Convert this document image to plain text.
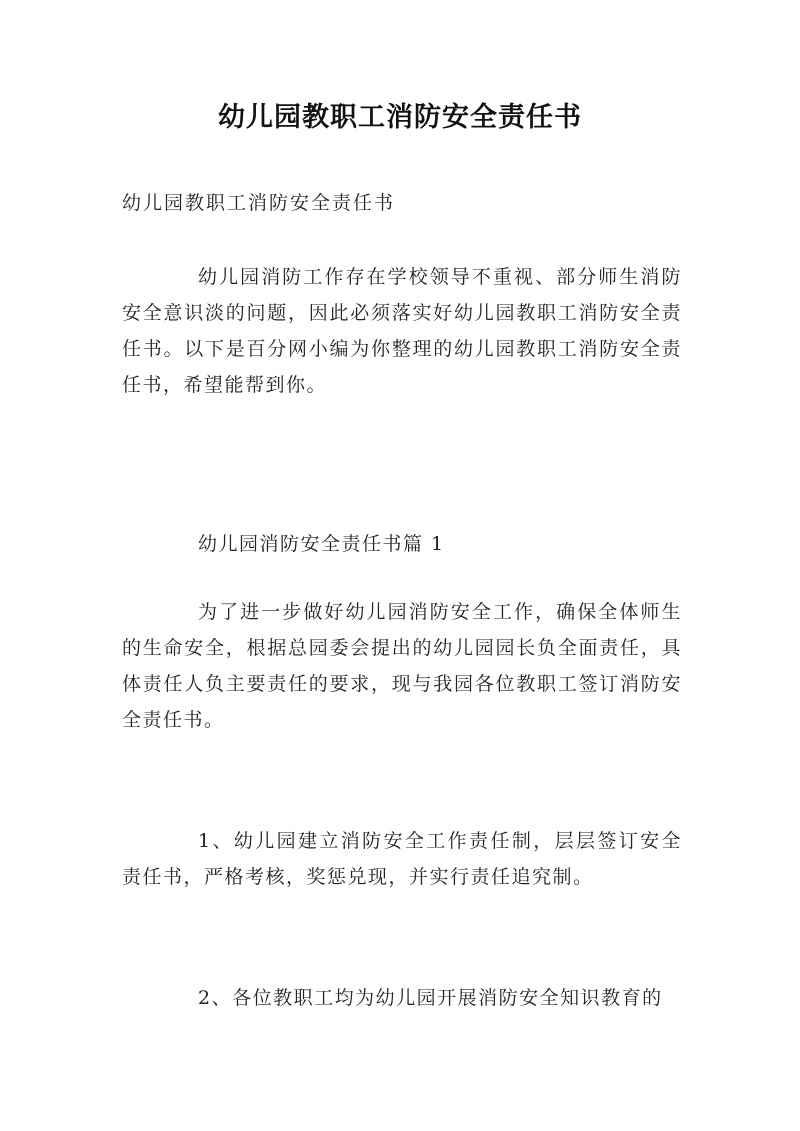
幼儿园教职工消防安全责任书
幼儿园教职工消防安全责任书
幼儿园消防工作存在学校领导不重视、部分师生消防安全意识淡的问题，因此必须落实好幼儿园教职工消防安全责任书。以下是百分网小编为你整理的幼儿园教职工消防安全责任书，希望能帮到你。
幼儿园消防安全责任书篇 1
为了进一步做好幼儿园消防安全工作，确保全体师生的生命安全，根据总园委会提出的幼儿园园长负全面责任，具体责任人负主要责任的要求，现与我园各位教职工签订消防安全责任书。
1、幼儿园建立消防安全工作责任制，层层签订安全责任书，严格考核，奖惩兑现，并实行责任追究制。
2、各位教职工均为幼儿园开展消防安全知识教育的
